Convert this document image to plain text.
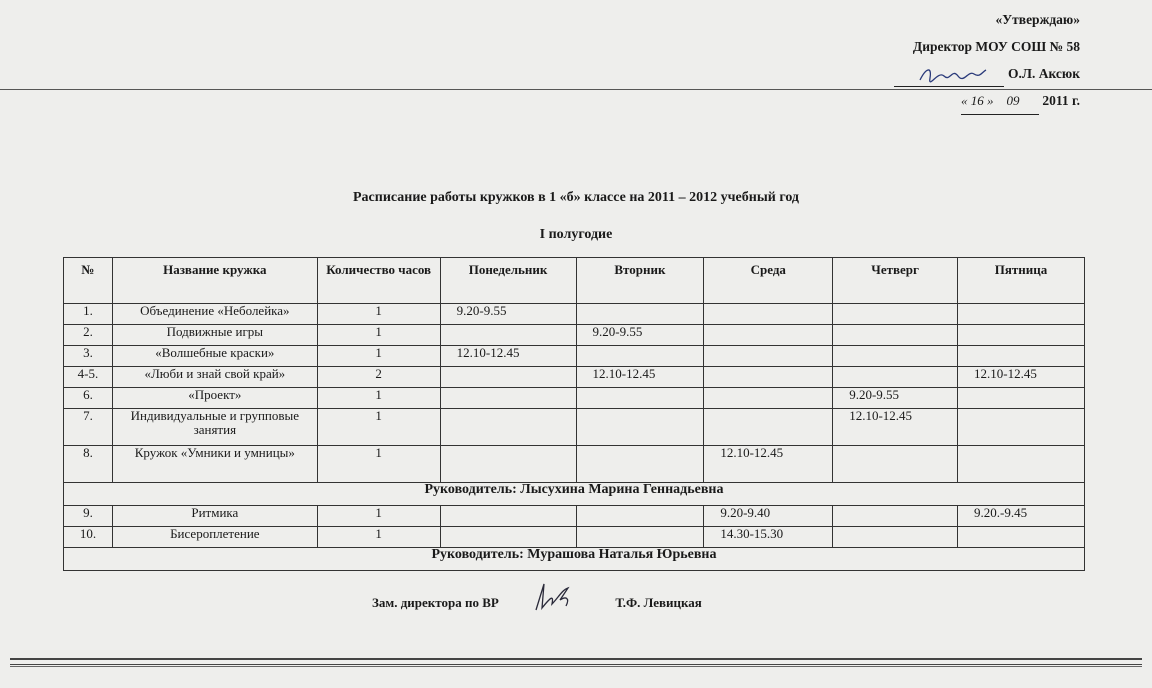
«Утверждаю»
Директор МОУ СОШ № 58
О.Л. Аксюк
« 16 » 09 2011 г.
Расписание работы кружков в 1 «б» классе на 2011 – 2012 учебный год
I полугодие
№	Название кружка	Количество часов	Понедельник	Вторник	Среда	Четверг	Пятница
1.	Объединение «Неболейка»	1	9.20-9.55				
2.	Подвижные игры	1		9.20-9.55			
3.	«Волшебные краски»	1	12.10-12.45				
4-5.	«Люби и знай свой край»	2		12.10-12.45			12.10-12.45
6.	«Проект»	1				9.20-9.55	
7.	Индивидуальные и групповые занятия	1				12.10-12.45	
8.	Кружок «Умники и умницы»	1			12.10-12.45		
Руководитель: Лысухина Марина Геннадьевна							
9.	Ритмика	1			9.20-9.40		9.20.-9.45
10.	Бисероплетение	1			14.30-15.30		
Руководитель: Мурашова Наталья Юрьевна							
Зам. директора по ВР	Т.Ф. Левицкая
